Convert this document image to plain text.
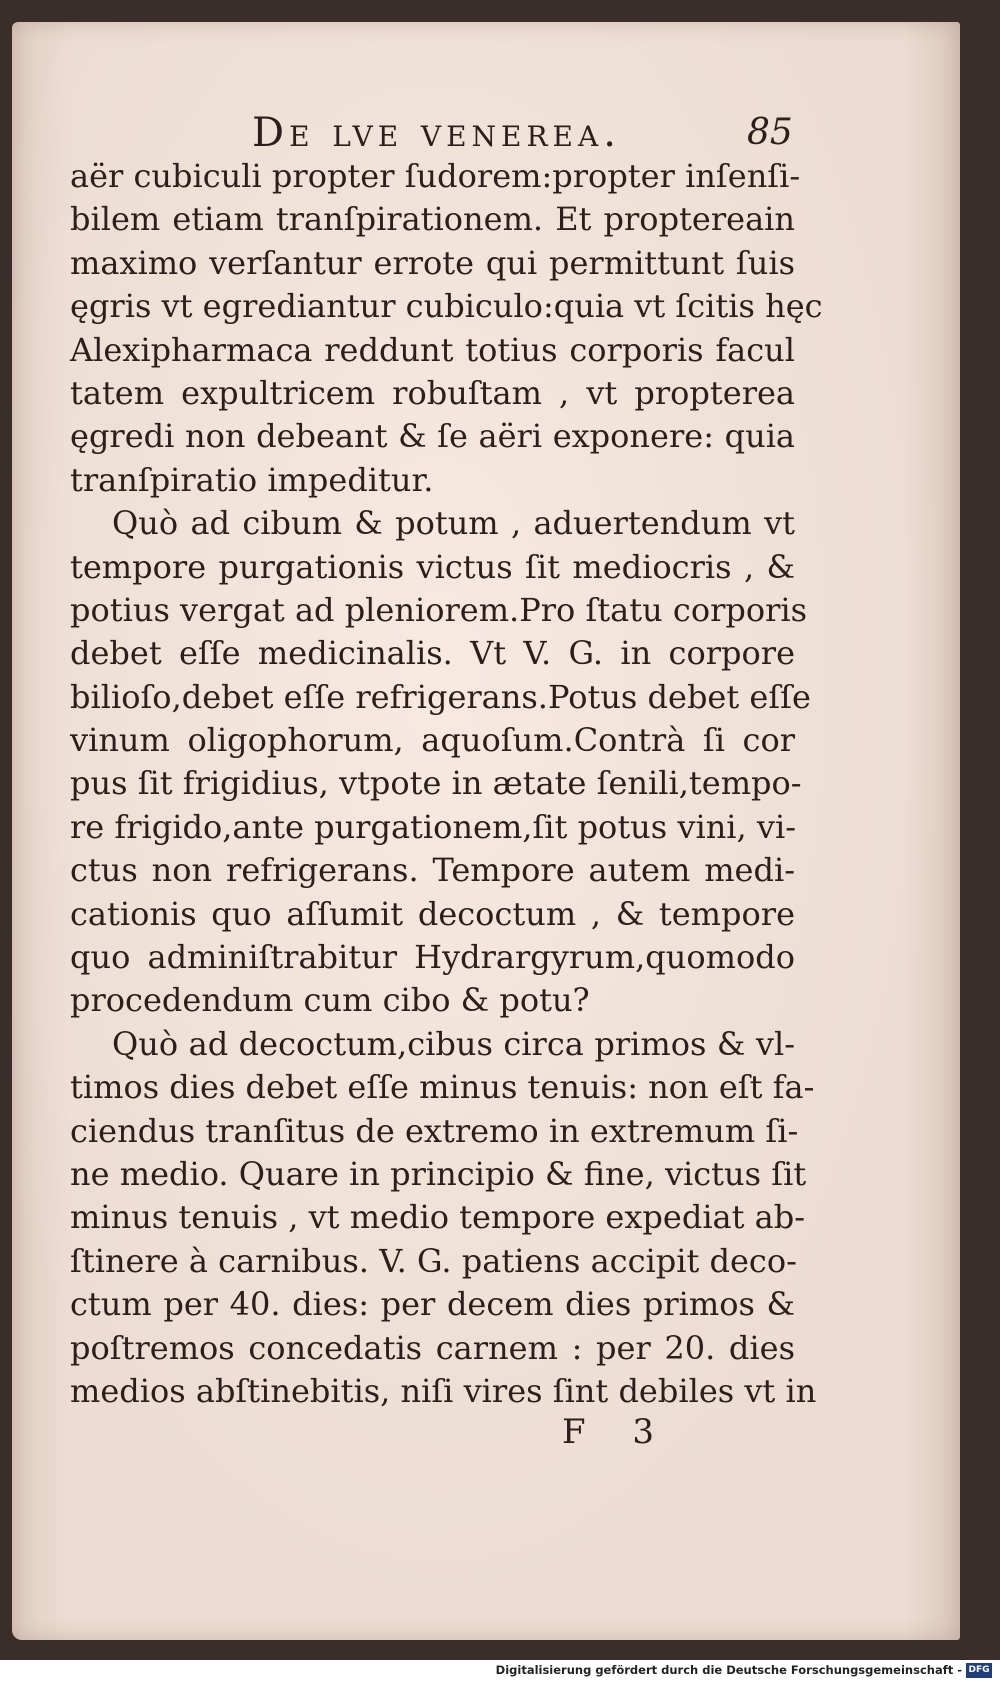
De lve venerea.	85
aër cubiculi propter ſudorem:propter inſenſi-
bilem etiam tranſpirationem. Et proptereain
maximo verſantur errote qui permittunt ſuis
ęgris vt egrediantur cubiculo:quia vt ſcitis hęc
Alexipharmaca reddunt totius corporis facul
tatem expultricem robuſtam , vt propterea
ęgredi non debeant & ſe aëri exponere: quia
tranſpiratio impeditur.
Quò ad cibum & potum , aduertendum vt
tempore purgationis victus ſit mediocris , &
potius vergat ad pleniorem.Pro ſtatu corporis
debet eſſe medicinalis. Vt V. G. in corpore
bilioſo,debet eſſe refrigerans.Potus debet eſſe
vinum oligophorum, aquoſum.Contrà ſi cor
pus ſit frigidius, vtpote in ætate ſenili,tempo-
re frigido,ante purgationem,ſit potus vini, vi-
ctus non refrigerans. Tempore autem medi-
cationis quo aſſumit decoctum , & tempore
quo adminiſtrabitur Hydrargyrum,quomodo
procedendum cum cibo & potu?
Quò ad decoctum,cibus circa primos & vl-
timos dies debet eſſe minus tenuis: non eſt fa-
ciendus tranſitus de extremo in extremum ſi-
ne medio. Quare in principio & fine, victus ſit
minus tenuis , vt medio tempore expediat ab-
ſtinere à carnibus. V. G. patiens accipit deco-
ctum per 40. dies: per decem dies primos &
poſtremos concedatis carnem : per 20. dies
medios abſtinebitis, niſi vires ſint debiles vt in
F 3
Digitalisierung gefördert durch die Deutsche Forschungsgemeinschaft - DFG
